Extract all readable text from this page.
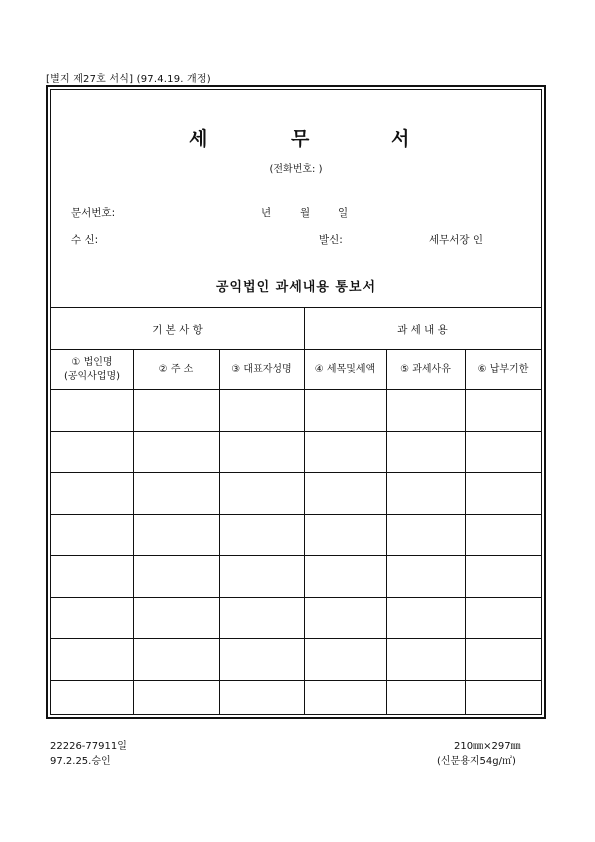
[별지 제27호 서식] (97.4.19. 개정)
세	무	서
(전화번호: )
문서번호:	년	월	일
수 신:	발신:	세무서장 인
공익법인 과세내용 통보서
기 본 사 항	과 세 내 용
① 법인명
(공익사업명)
② 주 소	③ 대표자성명	④ 세목및세액	⑤ 과세사유	⑥ 납부기한
22226-77911일
97.2.25.승인
210㎜×297㎜
(신문용지54g/㎡)
